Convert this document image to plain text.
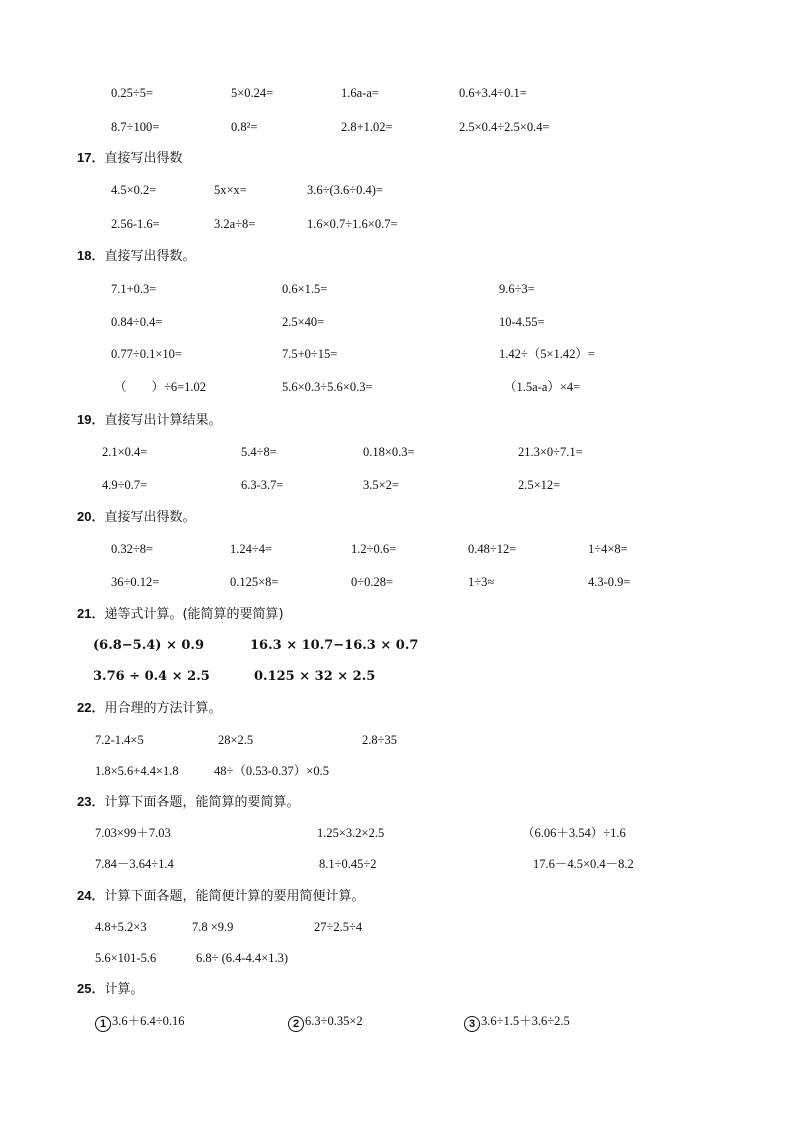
0.25÷5=	5×0.24=	1.6a-a=	0.6+3.4÷0.1=
8.7÷100=	0.8²=	2.8+1.02=	2.5×0.4÷2.5×0.4=
17．直接写出得数
4.5×0.2=	5x×x=	3.6÷(3.6÷0.4)=
2.56-1.6=	3.2a÷8=	1.6×0.7÷1.6×0.7=
18．直接写出得数。
7.1+0.3=	0.6×1.5=	9.6÷3=
0.84÷0.4=	2.5×40=	10-4.55=
0.77÷0.1×10=	7.5+0÷15=	1.42÷（5×1.42）=
（　　）÷6=1.02	5.6×0.3÷5.6×0.3=	（1.5a-a）×4=
19．直接写出计算结果。
2.1×0.4=	5.4÷8=	0.18×0.3=	21.3×0÷7.1=
4.9÷0.7=	6.3-3.7=	3.5×2=	2.5×12=
20．直接写出得数。
0.32÷8=	1.24÷4=	1.2÷0.6=	0.48÷12=	1÷4×8=
36÷0.12=	0.125×8=	0÷0.28=	1÷3≈	4.3-0.9=
21．递等式计算。(能简算的要简算)
(6.8−5.4) × 0.9	16.3 × 10.7−16.3 × 0.7
3.76 ÷ 0.4 × 2.5	0.125 × 32 × 2.5
22．用合理的方法计算。
7.2-1.4×5	28×2.5	2.8÷35
1.8×5.6+4.4×1.8	48÷（0.53-0.37）×0.5
23．计算下面各题，能简算的要简算。
7.03×99＋7.03	1.25×3.2×2.5	（6.06＋3.54）÷1.6
7.84－3.64÷1.4	8.1÷0.45÷2	17.6－4.5×0.4－8.2
24．计算下面各题，能简便计算的要用简便计算。
4.8+5.2×3	7.8 ×9.9	27÷2.5÷4
5.6×101-5.6	6.8÷ (6.4-4.4×1.3)
25．计算。
1 3.6＋6.4÷0.16	2 6.3÷0.35×2	3 3.6÷1.5＋3.6÷2.5
